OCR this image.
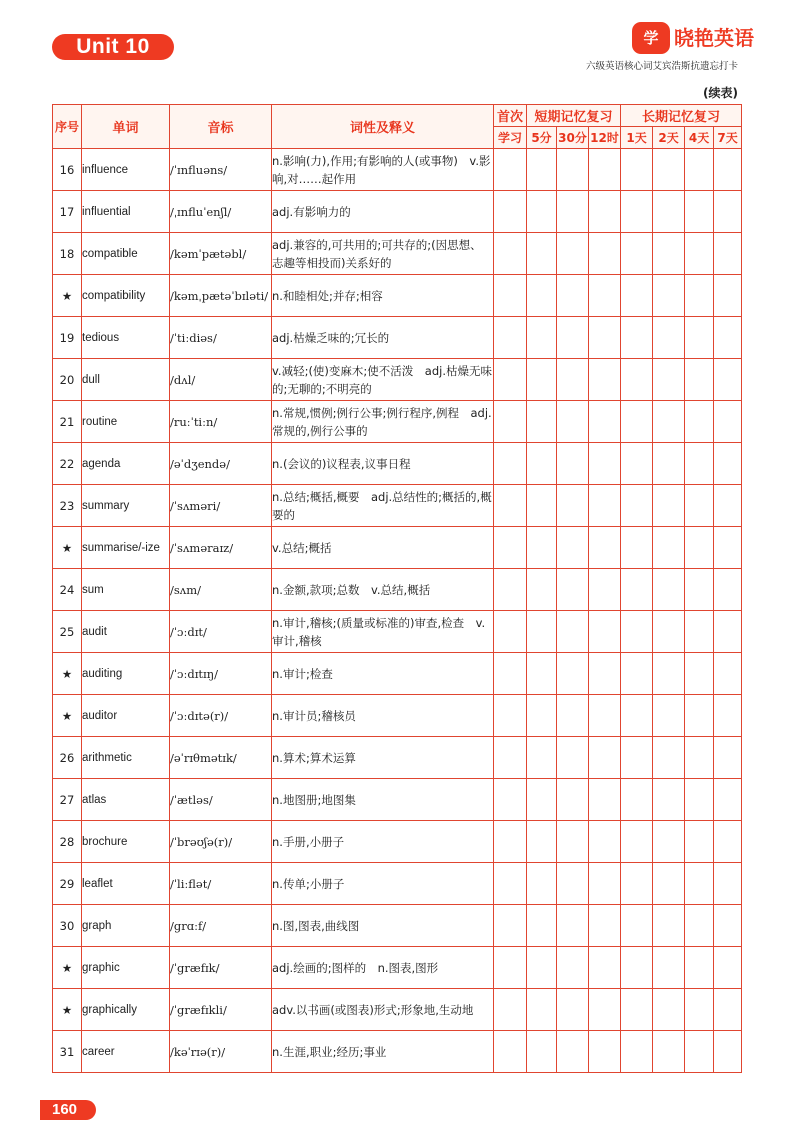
Unit 10	学 晓艳英语
六级英语核心词艾宾浩斯抗遗忘打卡
(续表)
序号	单词	音标	词性及释义	首次	短期记忆复习			长期记忆复习			
				学习	5分	30分	12时	1天	2天	4天	7天
16	influence	/ˈɪnfluəns/	n.影响(力),作用;有影响的人(或事物)　v.影响,对……起作用								
17	influential	/ˌɪnfluˈenʃl/	adj.有影响力的								
18	compatible	/kəmˈpætəbl/	adj.兼容的,可共用的;可共存的;(因思想、志趣等相投而)关系好的								
★	compatibility	/kəmˌpætəˈbɪləti/	n.和睦相处;并存;相容								
19	tedious	/ˈtiːdiəs/	adj.枯燥乏味的;冗长的								
20	dull	/dʌl/	v.减轻;(使)变麻木;使不活泼　adj.枯燥无味的;无聊的;不明亮的								
21	routine	/ruːˈtiːn/	n.常规,惯例;例行公事;例行程序,例程　adj.常规的,例行公事的								
22	agenda	/əˈdʒendə/	n.(会议的)议程表,议事日程								
23	summary	/ˈsʌməri/	n.总结;概括,概要　adj.总结性的;概括的,概要的								
★	summarise/-ize	/ˈsʌməraɪz/	v.总结;概括								
24	sum	/sʌm/	n.金额,款项;总数　v.总结,概括								
25	audit	/ˈɔːdɪt/	n.审计,稽核;(质量或标准的)审查,检查　v.审计,稽核								
★	auditing	/ˈɔːdɪtɪŋ/	n.审计;检查								
★	auditor	/ˈɔːdɪtə(r)/	n.审计员;稽核员								
26	arithmetic	/əˈrɪθmətɪk/	n.算术;算术运算								
27	atlas	/ˈætləs/	n.地图册;地图集								
28	brochure	/ˈbrəʊʃə(r)/	n.手册,小册子								
29	leaflet	/ˈliːflət/	n.传单;小册子								
30	graph	/grɑːf/	n.图,图表,曲线图								
★	graphic	/ˈgræfɪk/	adj.绘画的;图样的　n.图表,图形								
★	graphically	/ˈgræfɪkli/	adv.以书画(或图表)形式;形象地,生动地								
31	career	/kəˈrɪə(r)/	n.生涯,职业;经历;事业								
160
